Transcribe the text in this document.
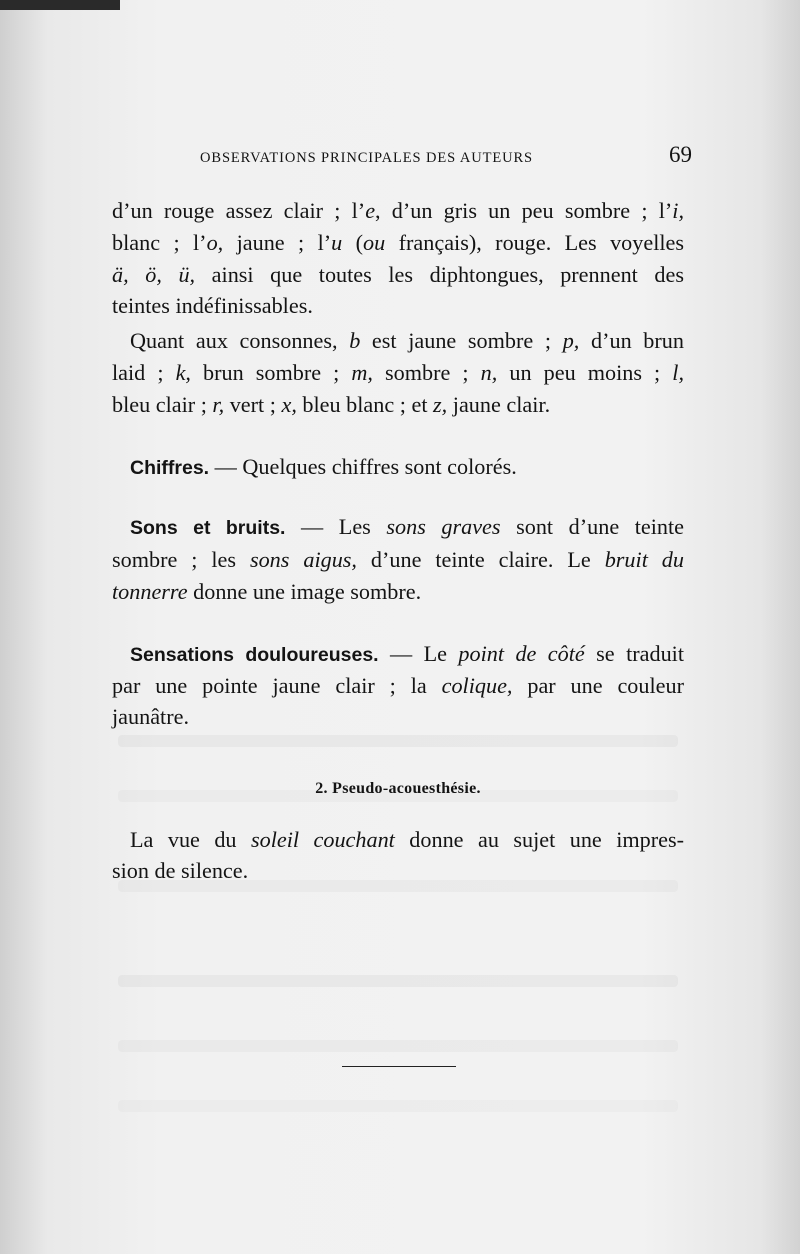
OBSERVATIONS PRINCIPALES DES AUTEURS	69
d’un rouge assez clair ; l’e, d’un gris un peu sombre ; l’i,
blanc ; l’o, jaune ; l’u (ou français), rouge. Les voyelles
ä, ö, ü, ainsi que toutes les diphtongues, prennent des
teintes indéfinissables.
Quant aux consonnes, b est jaune sombre ; p, d’un brun
laid ; k, brun sombre ; m, sombre ; n, un peu moins ; l,
bleu clair ; r, vert ; x, bleu blanc ; et z, jaune clair.
Chiffres. — Quelques chiffres sont colorés.
Sons et bruits. — Les sons graves sont d’une teinte
sombre ; les sons aigus, d’une teinte claire. Le bruit du
tonnerre donne une image sombre.
Sensations douloureuses. — Le point de côté se traduit
par une pointe jaune clair ; la colique, par une couleur
jaunâtre.
2. Pseudo-acouesthésie.
La vue du soleil couchant donne au sujet une impres-
sion de silence.
